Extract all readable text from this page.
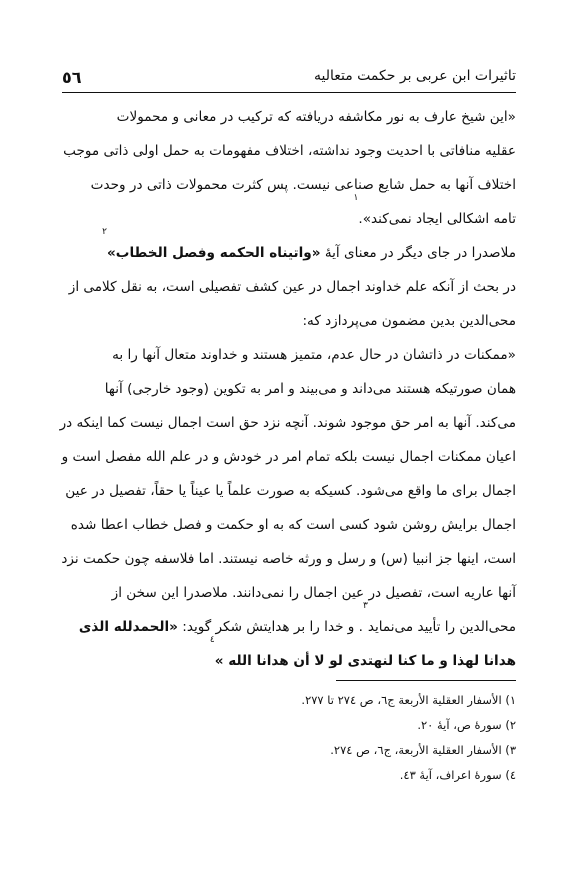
٥٦	تاثیرات ابن عربی بر حکمت متعالیه
«این شیخ عارف به نور مکاشفه دریافته که ترکیب در معانی و محمولات
عقلیه منافاتی با احدیت وجود نداشته، اختلاف مفهومات به حمل اولی ذاتی موجب
اختلاف آنها به حمل شایع صناعی نیست. پس کثرت محمولات ذاتی در وحدت
تامه اشکالی ایجاد نمی‌کند».$^١$
ملاصدرا در جای دیگر در معنای آیهٔ «واتیناه الحکمه وفصل الخطاب»$^٢$
در بحث از آنکه علم خداوند اجمال در عین کشف تفصیلی است، به نقل کلامی از
محی‌الدین بدین مضمون می‌پردازد که:
«ممکنات در ذاتشان در حال عدم، متمیز هستند و خداوند متعال آنها را به
همان صورتیکه هستند می‌داند و می‌بیند و امر به تکوین (وجود خارجی) آنها
می‌کند. آنها به امر حق موجود شوند. آنچه نزد حق است اجمال نیست کما اینکه در
اعیان ممکنات اجمال نیست بلکه تمام امر در خودش و در علم الله مفصل است و
اجمال برای ما واقع می‌شود. کسیکه به صورت علماً یا عیناً یا حقاً، تفصیل در عین
اجمال برایش روشن شود کسی است که به او حکمت و فصل خطاب اعطا شده
است، اینها جز انبیا (س) و رسل و ورثه خاصه نیستند. اما فلاسفه چون حکمت نزد
آنها عاریه است، تفصیل در عین اجمال را نمی‌دانند. ملاصدرا این سخن از
محی‌الدین را تأیید می‌نماید$^٣$. و خدا را بر هدایتش شکر گوید: «الحمدلله الذی
هدانا لهذا و ما کنا لنهتدی لو لا أن هدانا الله »$^٤$
١) الأسفار العقلية الأربعة ج٦، ص ٢٧٤ تا ٢٧٧.
٢) سورهٔ ص، آیهٔ ٢٠.
٣) الأسفار العقلية الأربعة، ج٦، ص ٢٧٤.
٤) سورهٔ اعراف، آیهٔ ٤٣.
